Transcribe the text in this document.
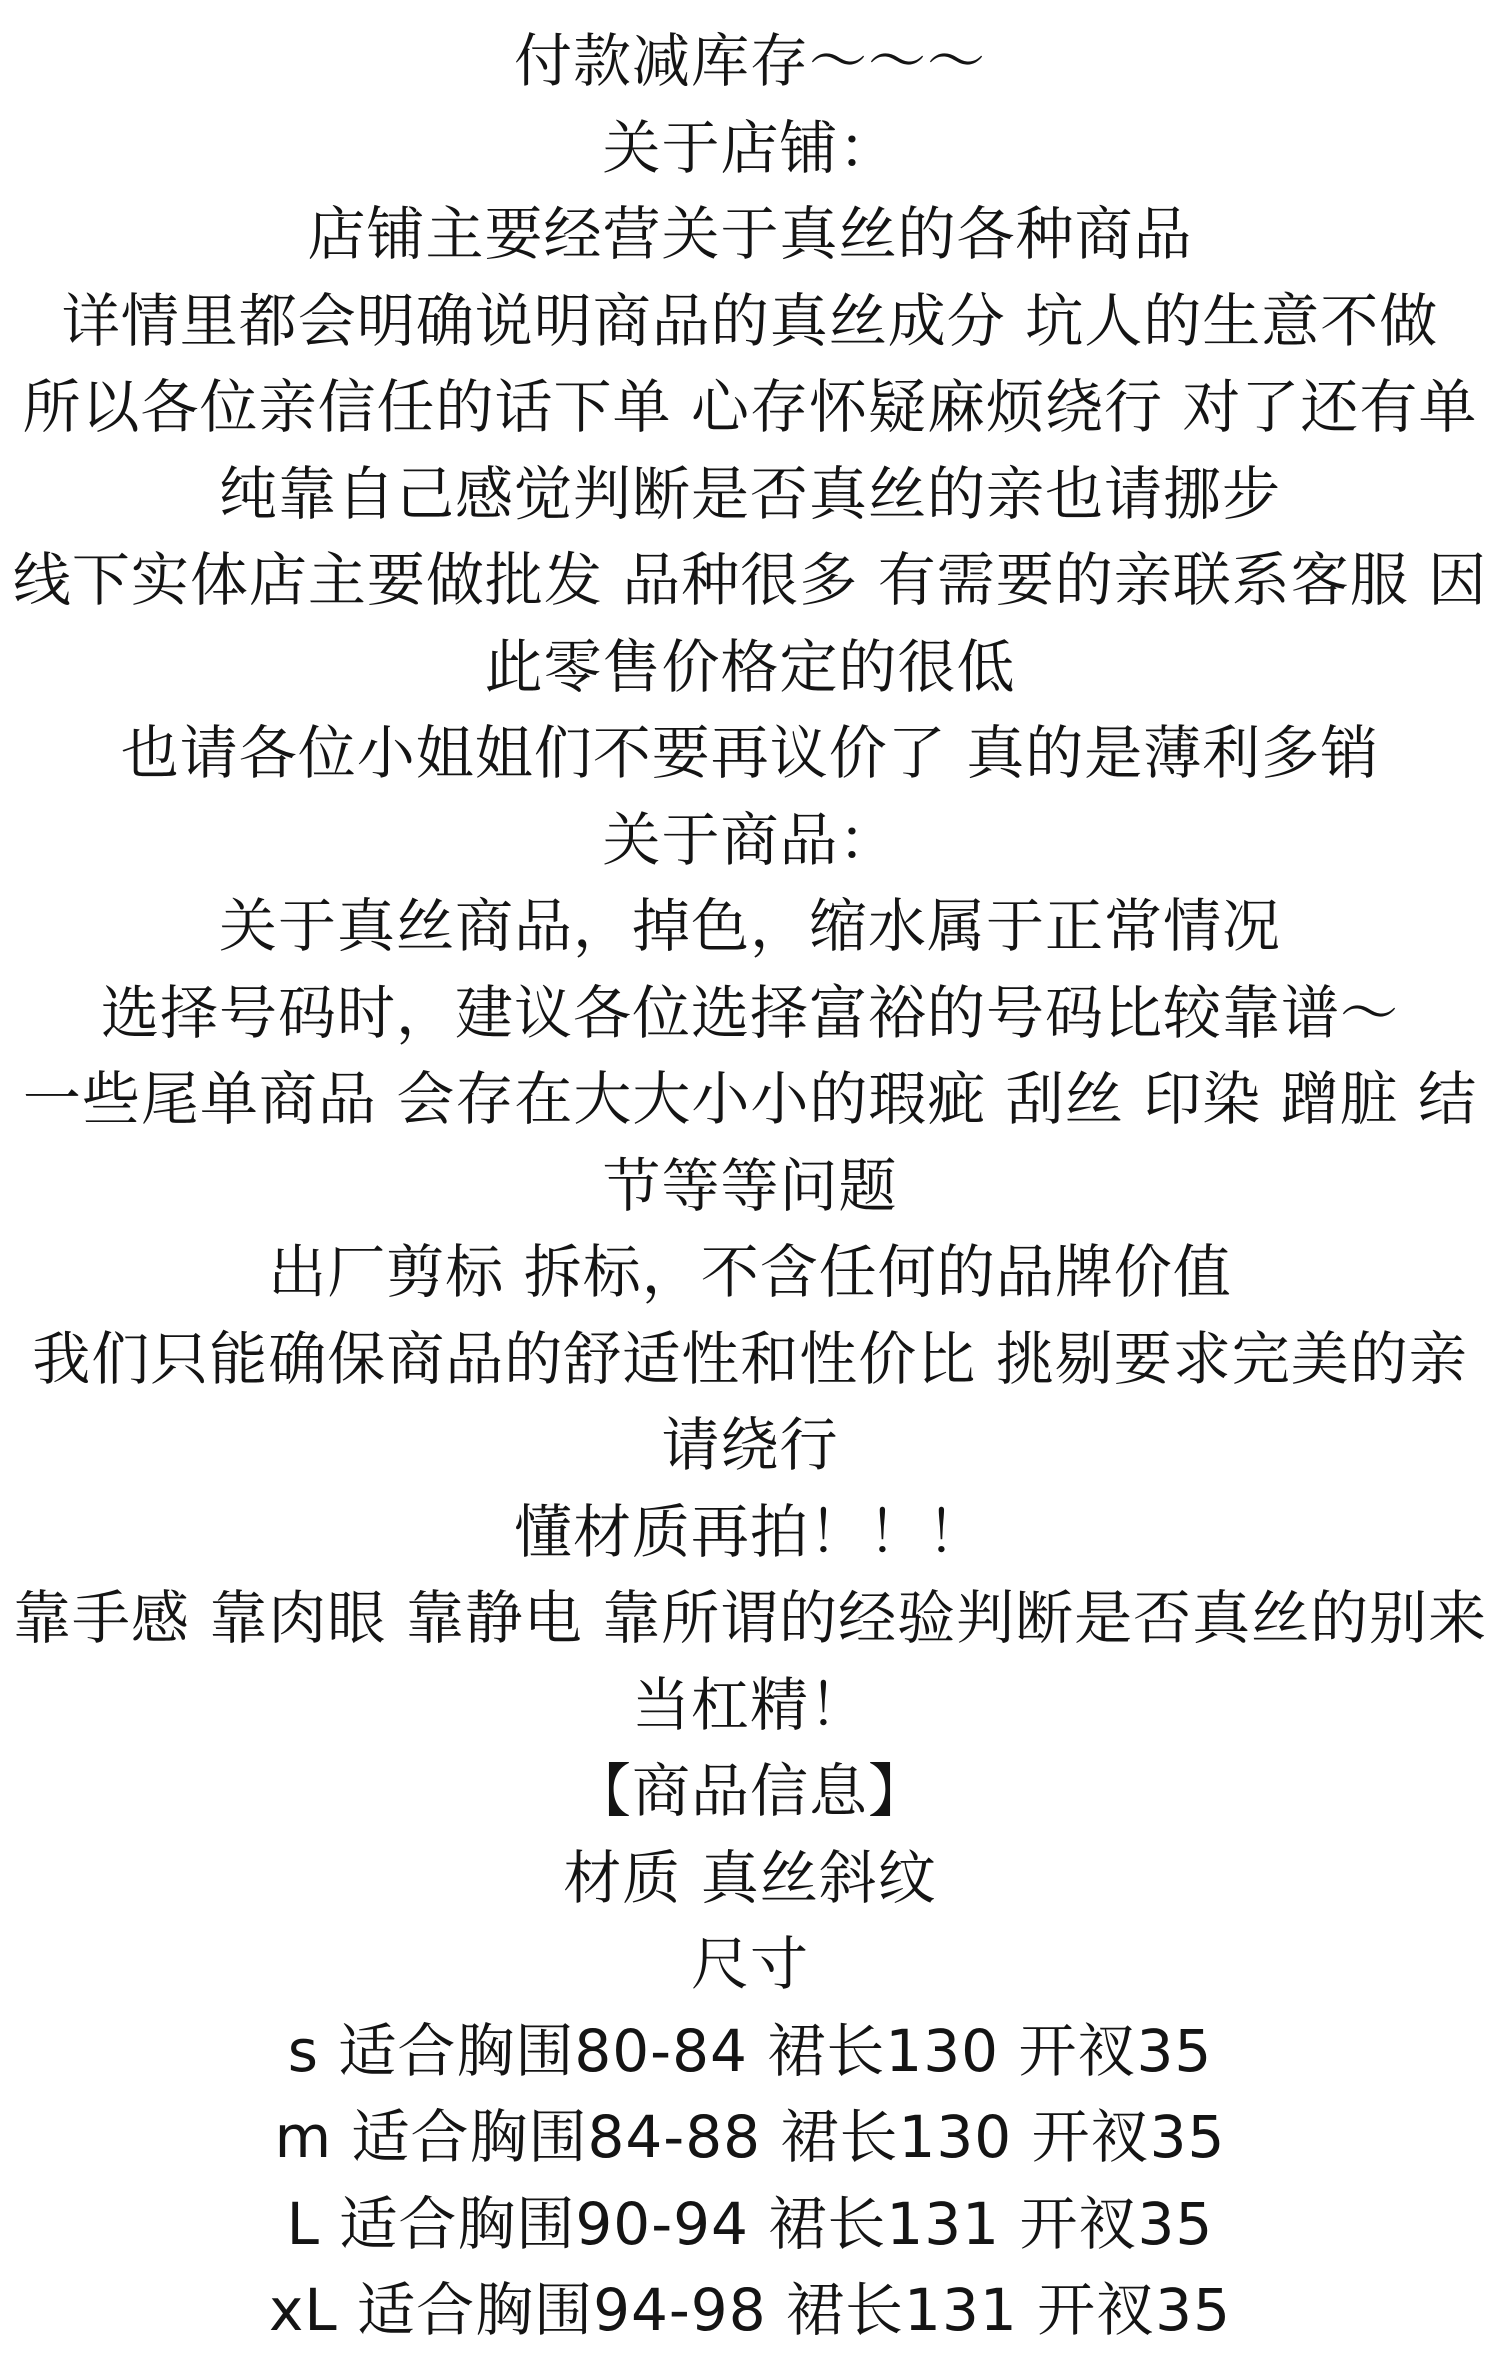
付款减库存～～～
关于店铺：
店铺主要经营关于真丝的各种商品
详情里都会明确说明商品的真丝成分 坑人的生意不做
所以各位亲信任的话下单 心存怀疑麻烦绕行 对了还有单
纯靠自己感觉判断是否真丝的亲也请挪步
线下实体店主要做批发 品种很多 有需要的亲联系客服 因此零售价格定的很低
也请各位小姐姐们不要再议价了 真的是薄利多销
关于商品：
关于真丝商品，掉色，缩水属于正常情况
选择号码时，建议各位选择富裕的号码比较靠谱～
一些尾单商品 会存在大大小小的瑕疵 刮丝 印染 蹭脏 结节等等问题
出厂剪标 拆标，不含任何的品牌价值
我们只能确保商品的舒适性和性价比 挑剔要求完美的亲请绕行
懂材质再拍！！！
靠手感 靠肉眼 靠静电 靠所谓的经验判断是否真丝的别来当杠精！
【商品信息】
材质 真丝斜纹
尺寸
s 适合胸围80-84 裙长130 开衩35
m 适合胸围84-88 裙长130 开衩35
L 适合胸围90-94 裙长131 开衩35
xL 适合胸围94-98 裙长131 开衩35
